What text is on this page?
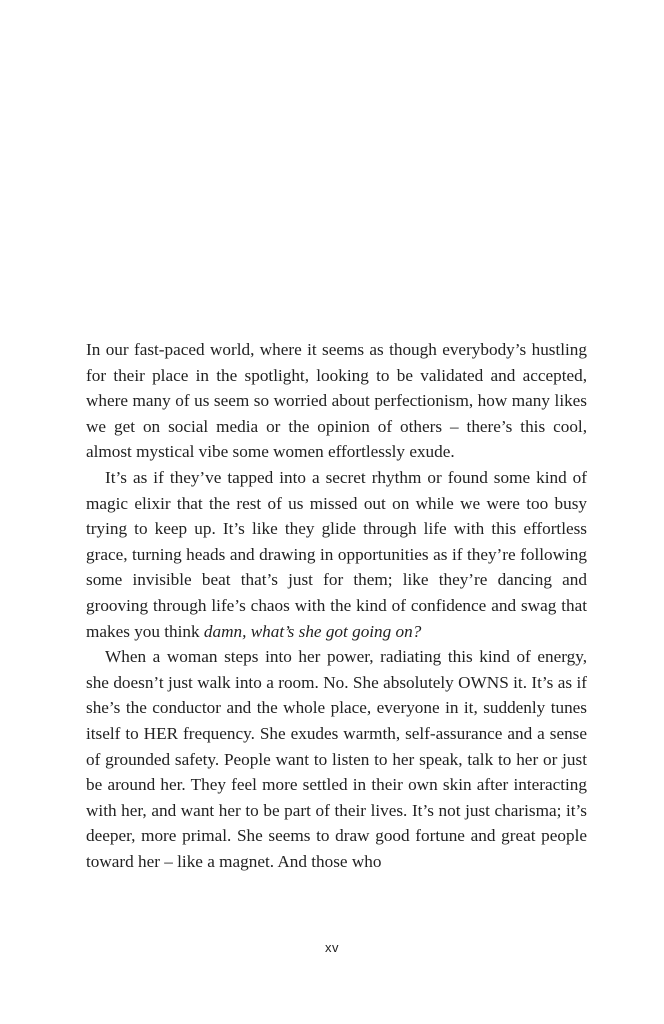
In our fast-paced world, where it seems as though everybody’s hustling for their place in the spotlight, looking to be validated and accepted, where many of us seem so worried about perfectionism, how many likes we get on social media or the opinion of others – there’s this cool, almost mystical vibe some women effortlessly exude.

It’s as if they’ve tapped into a secret rhythm or found some kind of magic elixir that the rest of us missed out on while we were too busy trying to keep up. It’s like they glide through life with this effortless grace, turning heads and drawing in opportunities as if they’re following some invisible beat that’s just for them; like they’re dancing and grooving through life’s chaos with the kind of confidence and swag that makes you think damn, what’s she got going on?

When a woman steps into her power, radiating this kind of energy, she doesn’t just walk into a room. No. She absolutely OWNS it. It’s as if she’s the conductor and the whole place, everyone in it, suddenly tunes itself to HER frequency. She exudes warmth, self-assurance and a sense of grounded safety. People want to listen to her speak, talk to her or just be around her. They feel more settled in their own skin after interacting with her, and want her to be part of their lives. It’s not just charisma; it’s deeper, more primal. She seems to draw good fortune and great people toward her – like a magnet. And those who

xv
